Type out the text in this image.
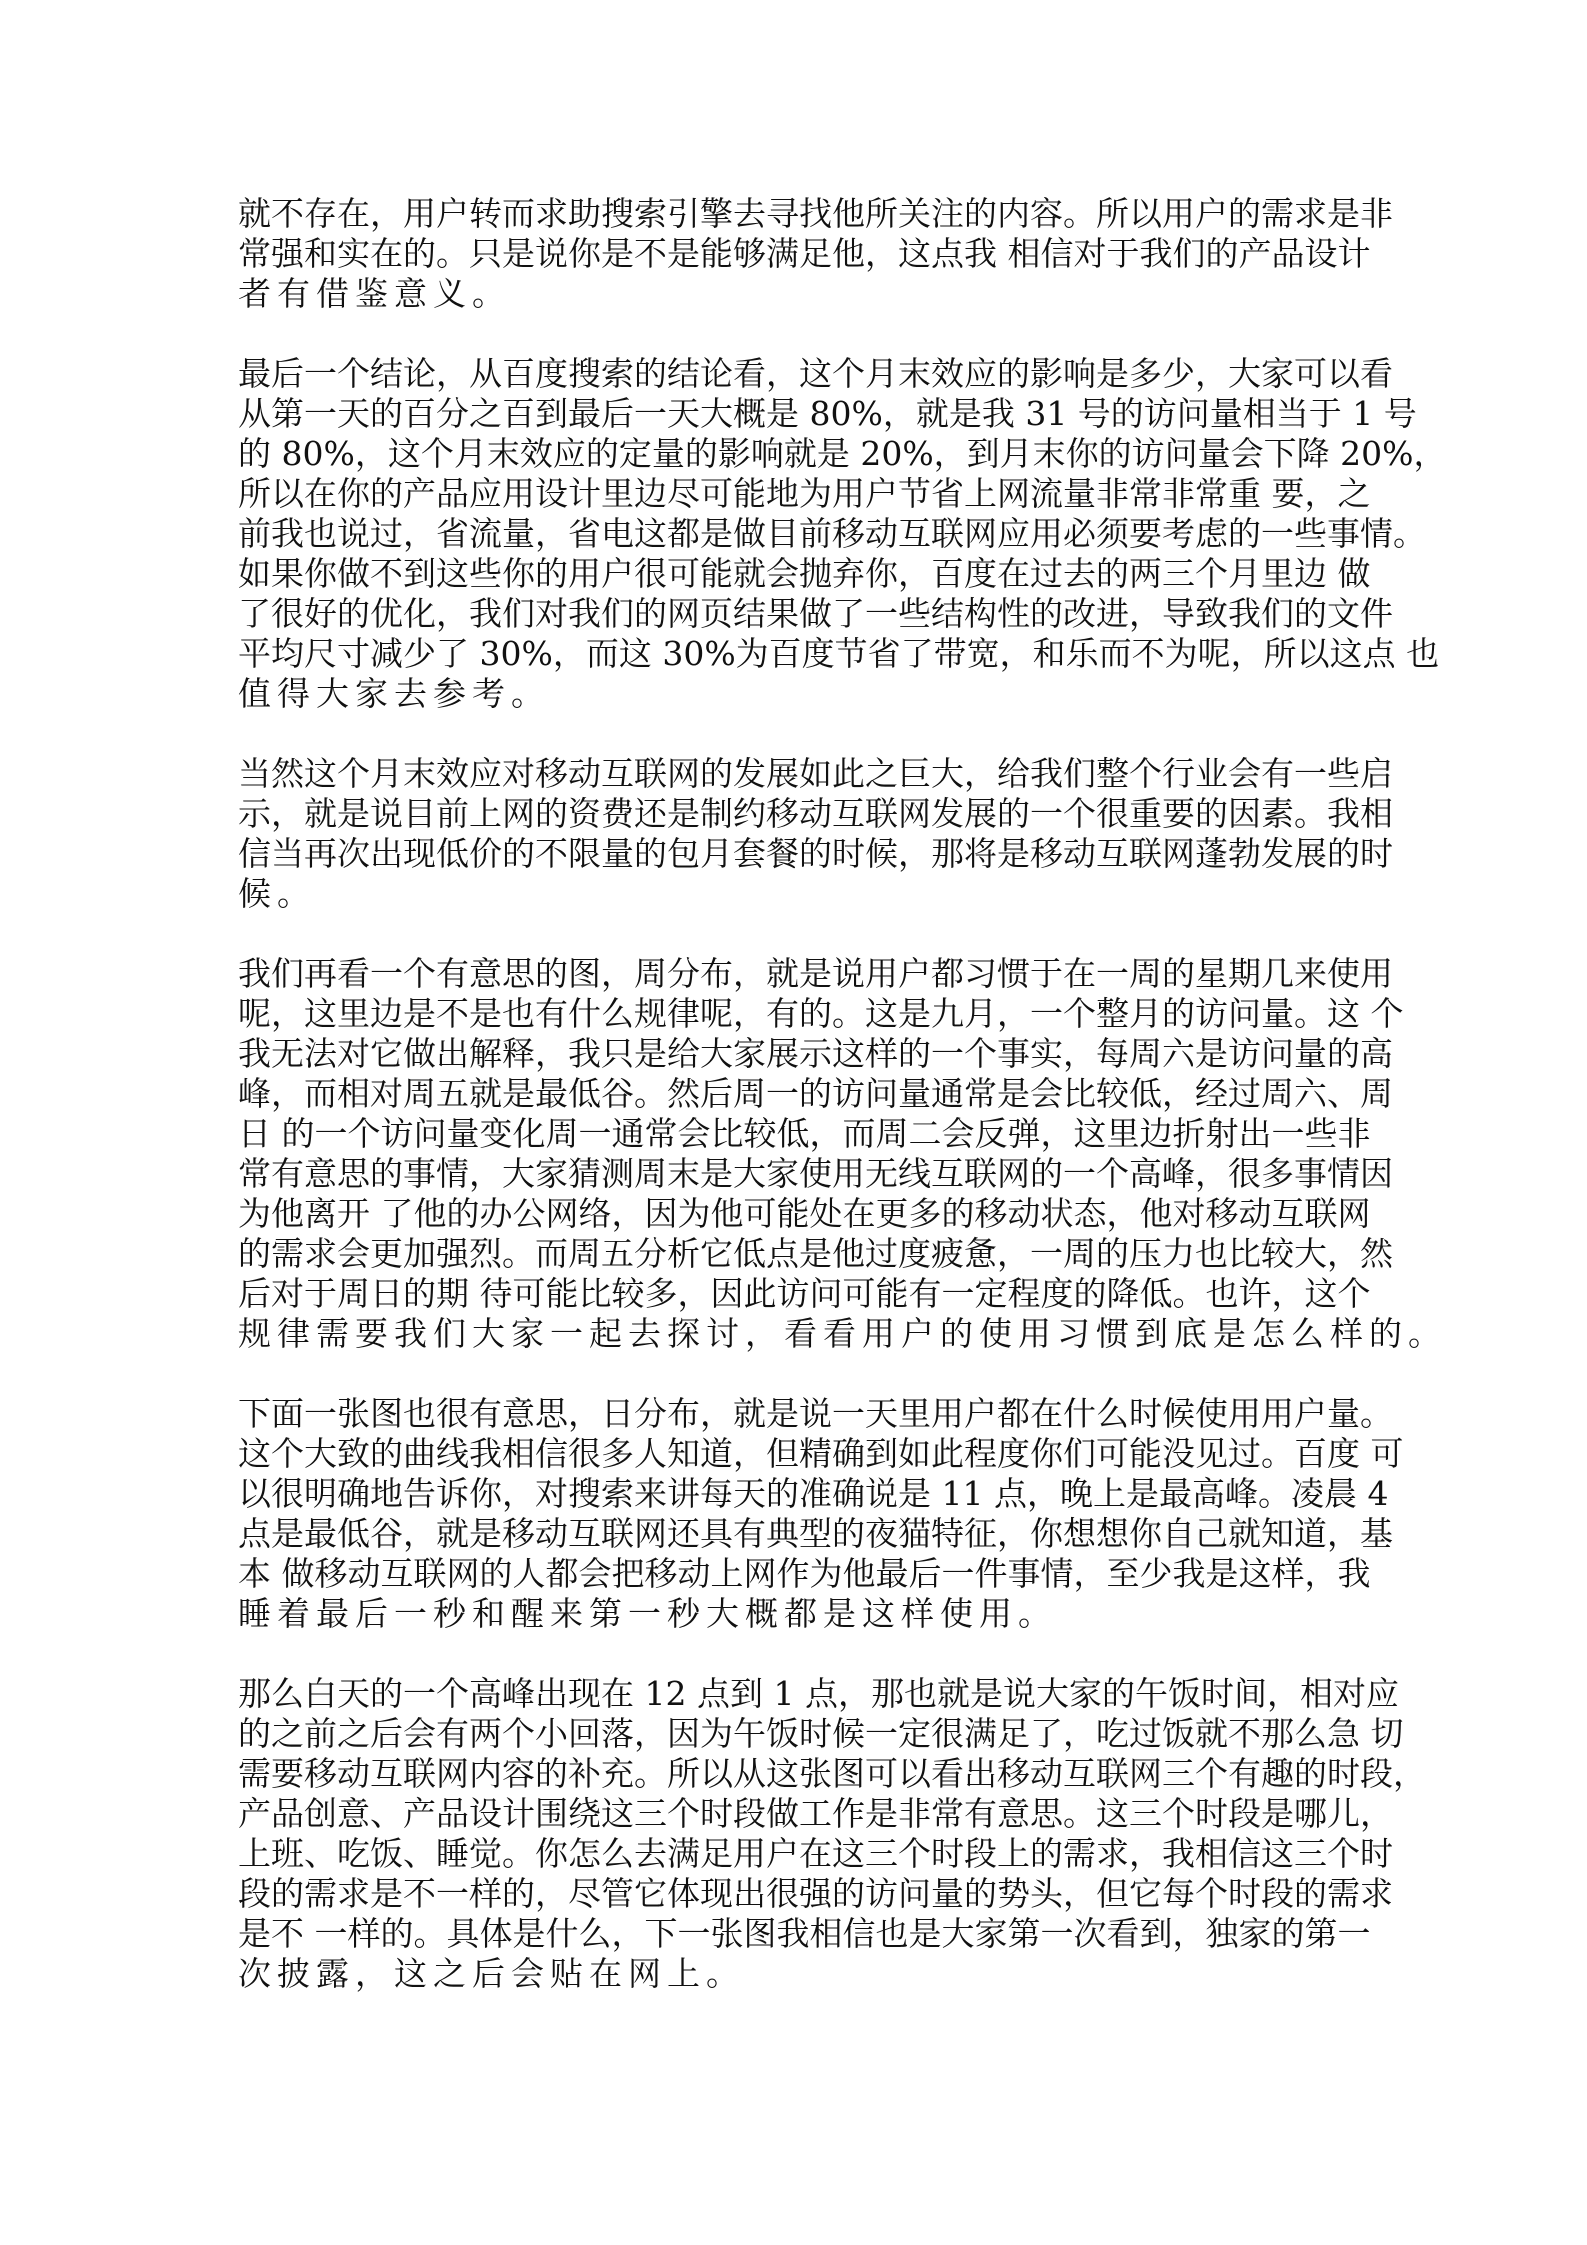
就不存在，用户转而求助搜索引擎去寻找他所关注的内容。所以用户的需求是非
常强和实在的。只是说你是不是能够满足他，这点我 相信对于我们的产品设计
者有借鉴意义。
最后一个结论，从百度搜索的结论看，这个月末效应的影响是多少，大家可以看
从第一天的百分之百到最后一天大概是 80%，就是我 31 号的访问量相当于 1 号
的 80%，这个月末效应的定量的影响就是 20%，到月末你的访问量会下降 20%，
所以在你的产品应用设计里边尽可能地为用户节省上网流量非常非常重 要，之
前我也说过，省流量，省电这都是做目前移动互联网应用必须要考虑的一些事情。
如果你做不到这些你的用户很可能就会抛弃你，百度在过去的两三个月里边 做
了很好的优化，我们对我们的网页结果做了一些结构性的改进，导致我们的文件
平均尺寸减少了 30%，而这 30%为百度节省了带宽，和乐而不为呢，所以这点 也
值得大家去参考。
当然这个月末效应对移动互联网的发展如此之巨大，给我们整个行业会有一些启
示，就是说目前上网的资费还是制约移动互联网发展的一个很重要的因素。我相
信当再次出现低价的不限量的包月套餐的时候，那将是移动互联网蓬勃发展的时
候。
我们再看一个有意思的图，周分布，就是说用户都习惯于在一周的星期几来使用
呢，这里边是不是也有什么规律呢，有的。这是九月，一个整月的访问量。这 个
我无法对它做出解释，我只是给大家展示这样的一个事实，每周六是访问量的高
峰，而相对周五就是最低谷。然后周一的访问量通常是会比较低，经过周六、周
日 的一个访问量变化周一通常会比较低，而周二会反弹，这里边折射出一些非
常有意思的事情，大家猜测周末是大家使用无线互联网的一个高峰，很多事情因
为他离开 了他的办公网络，因为他可能处在更多的移动状态，他对移动互联网
的需求会更加强烈。而周五分析它低点是他过度疲惫，一周的压力也比较大，然
后对于周日的期 待可能比较多，因此访问可能有一定程度的降低。也许，这个
规律需要我们大家一起去探讨，看看用户的使用习惯到底是怎么样的。
下面一张图也很有意思，日分布，就是说一天里用户都在什么时候使用用户量。
这个大致的曲线我相信很多人知道，但精确到如此程度你们可能没见过。百度 可
以很明确地告诉你，对搜索来讲每天的准确说是 11 点，晚上是最高峰。凌晨 4
点是最低谷，就是移动互联网还具有典型的夜猫特征，你想想你自己就知道，基
本 做移动互联网的人都会把移动上网作为他最后一件事情，至少我是这样，我
睡着最后一秒和醒来第一秒大概都是这样使用。
那么白天的一个高峰出现在 12 点到 1 点，那也就是说大家的午饭时间，相对应
的之前之后会有两个小回落，因为午饭时候一定很满足了，吃过饭就不那么急 切
需要移动互联网内容的补充。所以从这张图可以看出移动互联网三个有趣的时段，
产品创意、产品设计围绕这三个时段做工作是非常有意思。这三个时段是哪儿，
上班、吃饭、睡觉。你怎么去满足用户在这三个时段上的需求，我相信这三个时
段的需求是不一样的，尽管它体现出很强的访问量的势头，但它每个时段的需求
是不 一样的。具体是什么，下一张图我相信也是大家第一次看到，独家的第一
次披露，这之后会贴在网上。
